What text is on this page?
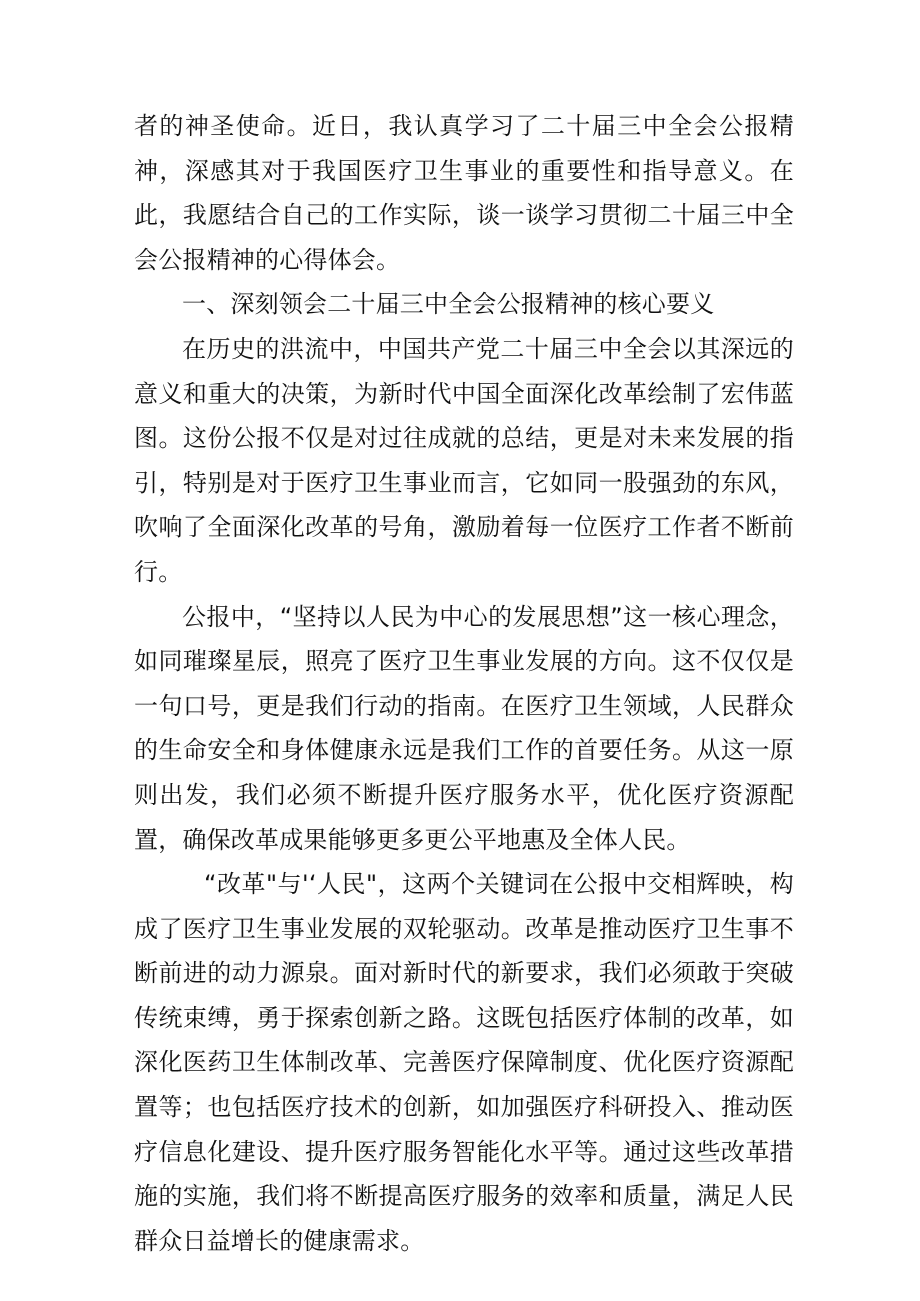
者的神圣使命。近日，我认真学习了二十届三中全会公报精神，深感其对于我国医疗卫生事业的重要性和指导意义。在此，我愿结合自己的工作实际，谈一谈学习贯彻二十届三中全会公报精神的心得体会。

一、深刻领会二十届三中全会公报精神的核心要义

在历史的洪流中，中国共产党二十届三中全会以其深远的意义和重大的决策，为新时代中国全面深化改革绘制了宏伟蓝图。这份公报不仅是对过往成就的总结，更是对未来发展的指引，特别是对于医疗卫生事业而言，它如同一股强劲的东风，吹响了全面深化改革的号角，激励着每一位医疗工作者不断前行。

公报中，“坚持以人民为中心的发展思想”这一核心理念，如同璀璨星辰，照亮了医疗卫生事业发展的方向。这不仅仅是一句口号，更是我们行动的指南。在医疗卫生领域，人民群众的生命安全和身体健康永远是我们工作的首要任务。从这一原则出发，我们必须不断提升医疗服务水平，优化医疗资源配置，确保改革成果能够更多更公平地惠及全体人民。

“改革"与'‘人民"，这两个关键词在公报中交相辉映，构成了医疗卫生事业发展的双轮驱动。改革是推动医疗卫生事不断前进的动力源泉。面对新时代的新要求，我们必须敢于突破传统束缚，勇于探索创新之路。这既包括医疗体制的改革，如深化医药卫生体制改革、完善医疗保障制度、优化医疗资源配置等；也包括医疗技术的创新，如加强医疗科研投入、推动医疗信息化建设、提升医疗服务智能化水平等。通过这些改革措施的实施，我们将不断提高医疗服务的效率和质量，满足人民群众日益增长的健康需求。
